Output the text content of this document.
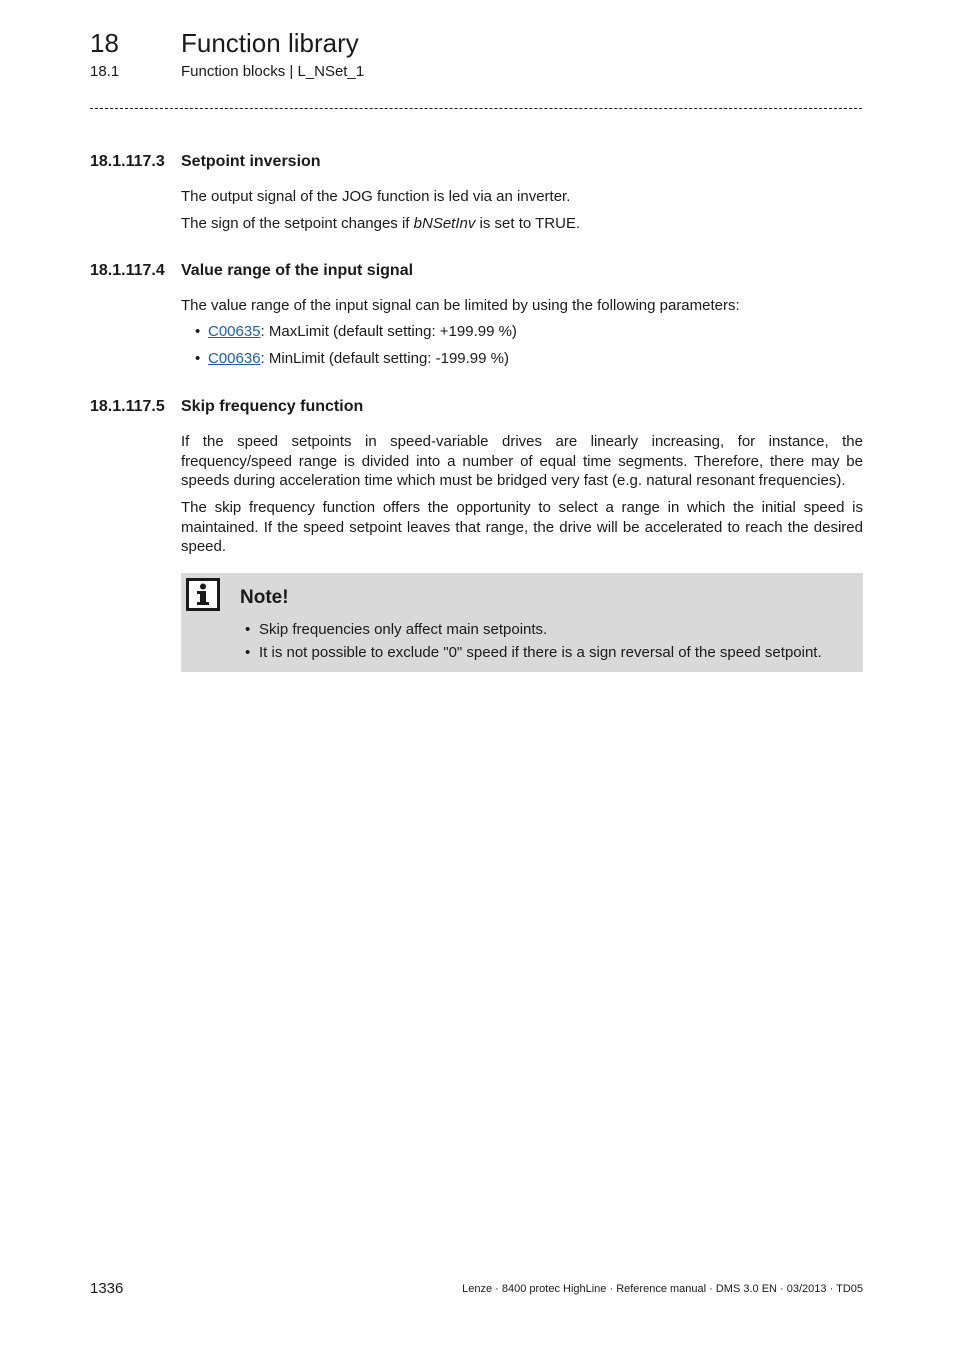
18 Function library
18.1	Function blocks | L_NSet_1
18.1.117.3 Setpoint inversion
The output signal of the JOG function is led via an inverter.
The sign of the setpoint changes if bNSetInv is set to TRUE.
18.1.117.4 Value range of the input signal
The value range of the input signal can be limited by using the following parameters:
• C00635: MaxLimit (default setting: +199.99 %)
• C00636: MinLimit (default setting: -199.99 %)
18.1.117.5 Skip frequency function
If the speed setpoints in speed-variable drives are linearly increasing, for instance, the frequency/speed range is divided into a number of equal time segments. Therefore, there may be speeds during acceleration time which must be bridged very fast (e.g. natural resonant frequencies).
The skip frequency function offers the opportunity to select a range in which the initial speed is maintained. If the speed setpoint leaves that range, the drive will be accelerated to reach the desired speed.
Note!
• Skip frequencies only affect main setpoints.
• It is not possible to exclude "0" speed if there is a sign reversal of the speed setpoint.
1336	Lenze · 8400 protec HighLine · Reference manual · DMS 3.0 EN · 03/2013 · TD05
